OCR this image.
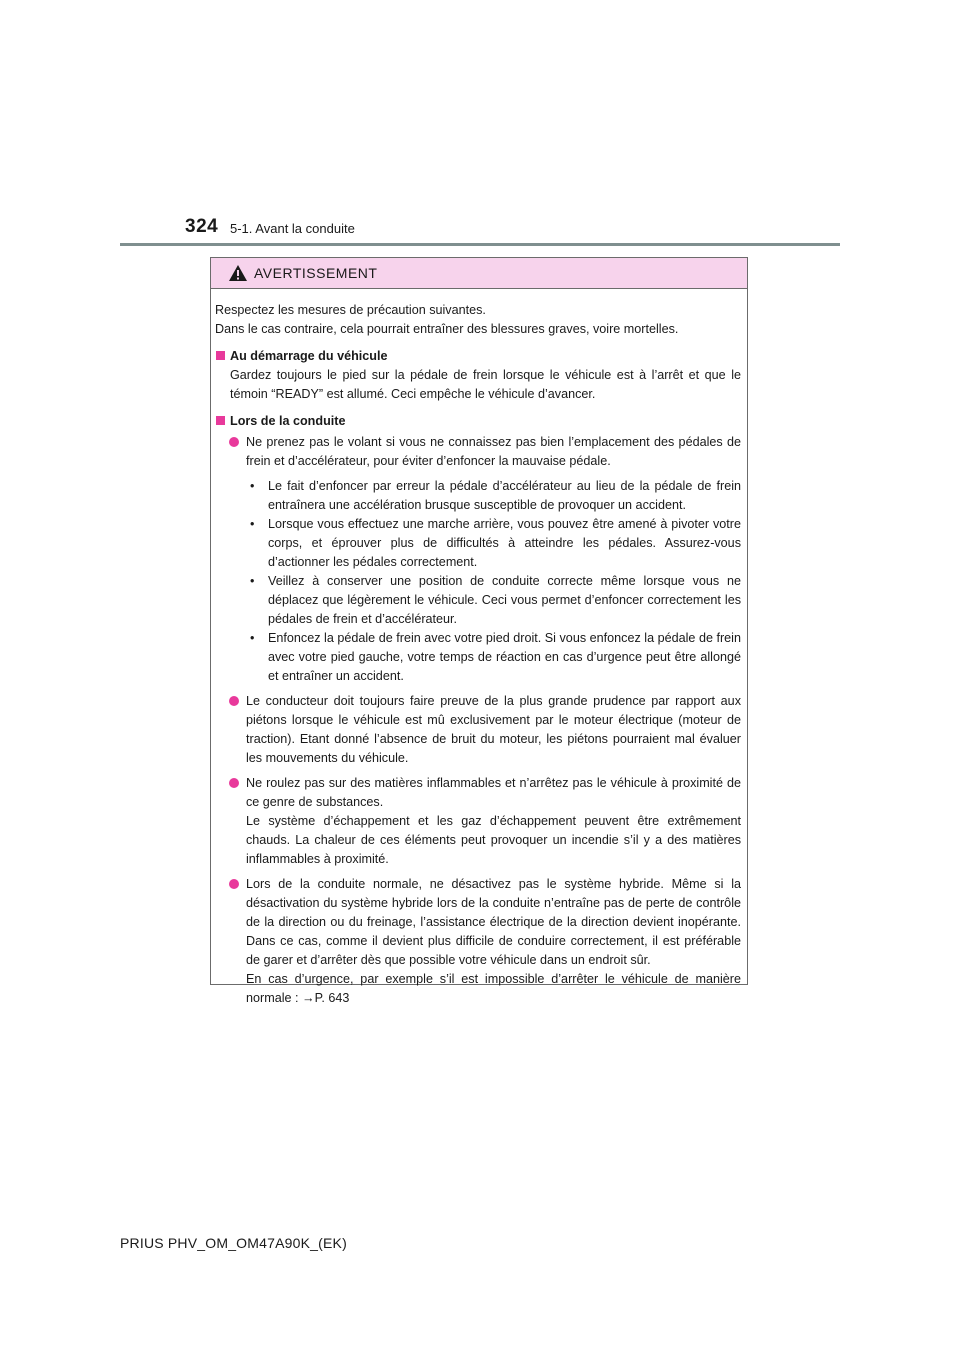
324 5-1. Avant la conduite
AVERTISSEMENT

Respectez les mesures de précaution suivantes.

Dans le cas contraire, cela pourrait entraîner des blessures graves, voire mortelles.

Au démarrage du véhicule
Gardez toujours le pied sur la pédale de frein lorsque le véhicule est à l’arrêt et que le témoin “READY” est allumé. Ceci empêche le véhicule d’avancer.
Lors de la conduite
Ne prenez pas le volant si vous ne connaissez pas bien l’emplacement des pédales de frein et d’accélérateur, pour éviter d’enfoncer la mauvaise pédale.
•	Le fait d’enfoncer par erreur la pédale d’accélérateur au lieu de la pédale de frein entraînera une accélération brusque susceptible de provoquer un accident.
•	Lorsque vous effectuez une marche arrière, vous pouvez être amené à pivoter votre corps, et éprouver plus de difficultés à atteindre les pédales. Assurez-vous d’actionner les pédales correctement.
•	Veillez à conserver une position de conduite correcte même lorsque vous ne déplacez que légèrement le véhicule. Ceci vous permet d’enfoncer correctement les pédales de frein et d’accélérateur.
•	Enfoncez la pédale de frein avec votre pied droit. Si vous enfoncez la pédale de frein avec votre pied gauche, votre temps de réaction en cas d’urgence peut être allongé et entraîner un accident.
Le conducteur doit toujours faire preuve de la plus grande prudence par rapport aux piétons lorsque le véhicule est mû exclusivement par le moteur électrique (moteur de traction). Etant donné l’absence de bruit du moteur, les piétons pourraient mal évaluer les mouvements du véhicule.
Ne roulez pas sur des matières inflammables et n’arrêtez pas le véhicule à proximité de ce genre de substances.
Le système d’échappement et les gaz d’échappement peuvent être extrêmement chauds. La chaleur de ces éléments peut provoquer un incendie s’il y a des matières inflammables à proximité.
Lors de la conduite normale, ne désactivez pas le système hybride. Même si la désactivation du système hybride lors de la conduite n’entraîne pas de perte de contrôle de la direction ou du freinage, l’assistance électrique de la direction devient inopérante. Dans ce cas, comme il devient plus difficile de conduire correctement, il est préférable de garer et d’arrêter dès que possible votre véhicule dans un endroit sûr.
En cas d’urgence, par exemple s’il est impossible d’arrêter le véhicule de manière normale : →P. 643
PRIUS PHV_OM_OM47A90K_(EK)
